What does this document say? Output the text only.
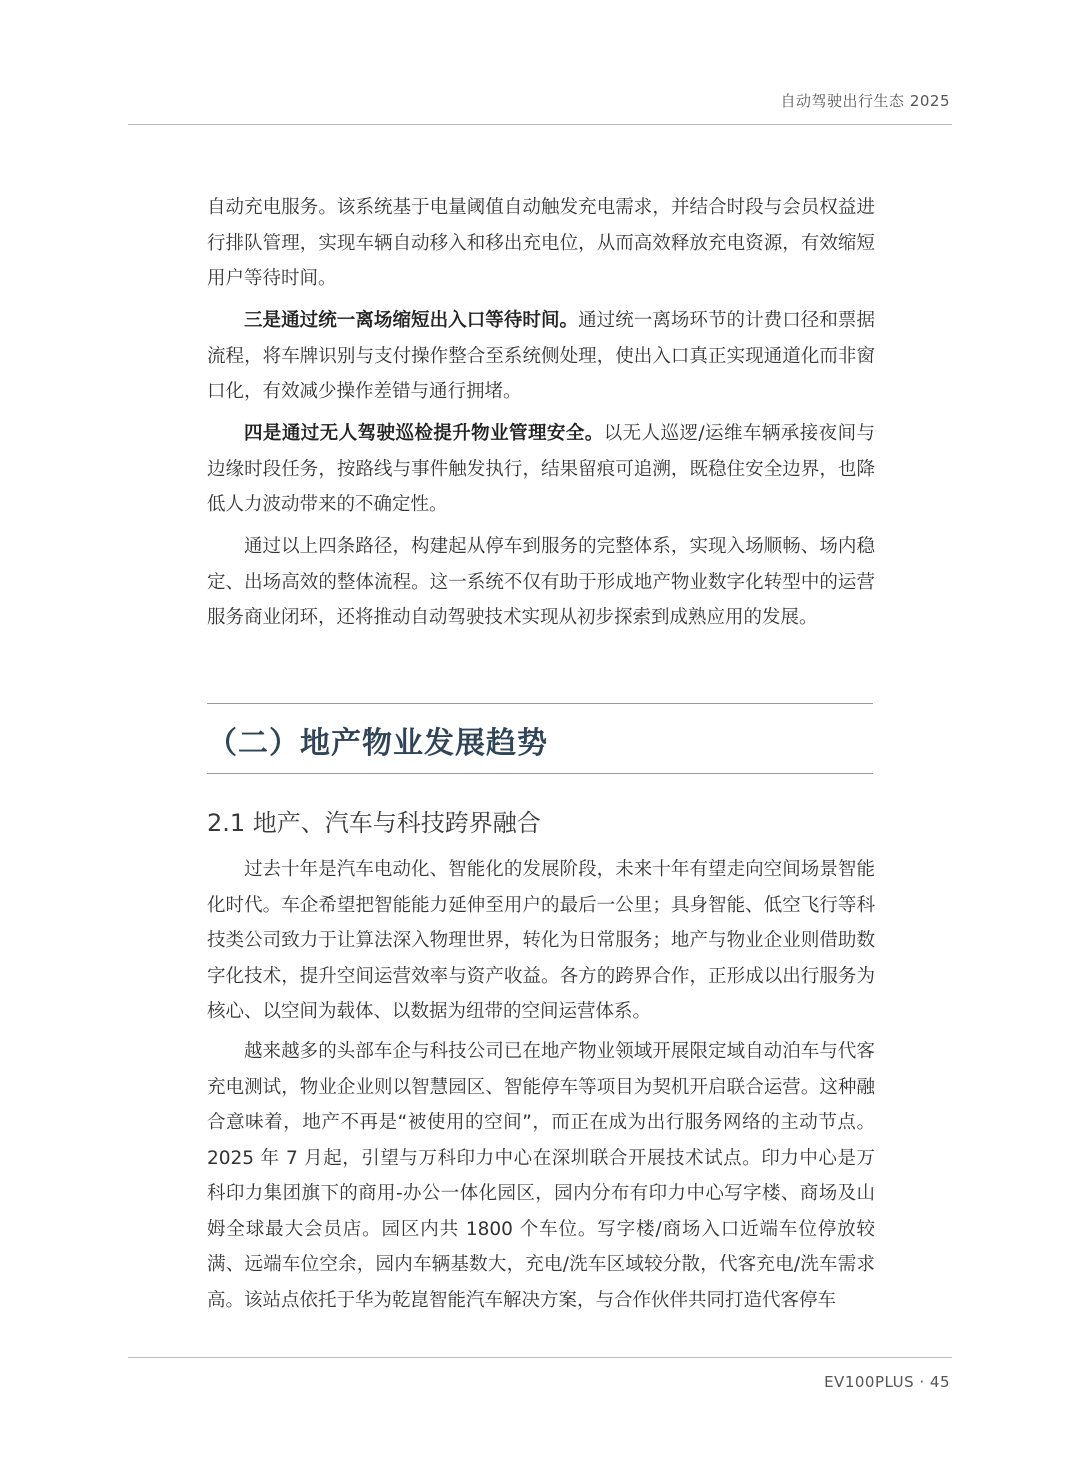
自动驾驶出行生态 2025

自动充电服务。该系统基于电量阈值自动触发充电需求，并结合时段与会员权益进行排队管理，实现车辆自动移入和移出充电位，从而高效释放充电资源，有效缩短用户等待时间。

三是通过统一离场缩短出入口等待时间。通过统一离场环节的计费口径和票据流程，将车牌识别与支付操作整合至系统侧处理，使出入口真正实现通道化而非窗口化，有效减少操作差错与通行拥堵。

四是通过无人驾驶巡检提升物业管理安全。以无人巡逻/运维车辆承接夜间与边缘时段任务，按路线与事件触发执行，结果留痕可追溯，既稳住安全边界，也降低人力波动带来的不确定性。

通过以上四条路径，构建起从停车到服务的完整体系，实现入场顺畅、场内稳定、出场高效的整体流程。这一系统不仅有助于形成地产物业数字化转型中的运营服务商业闭环，还将推动自动驾驶技术实现从初步探索到成熟应用的发展。

（二）地产物业发展趋势
2.1 地产、汽车与科技跨界融合

过去十年是汽车电动化、智能化的发展阶段，未来十年有望走向空间场景智能化时代。车企希望把智能能力延伸至用户的最后一公里；具身智能、低空飞行等科技类公司致力于让算法深入物理世界，转化为日常服务；地产与物业企业则借助数字化技术，提升空间运营效率与资产收益。各方的跨界合作，正形成以出行服务为核心、以空间为载体、以数据为纽带的空间运营体系。

越来越多的头部车企与科技公司已在地产物业领域开展限定域自动泊车与代客充电测试，物业企业则以智慧园区、智能停车等项目为契机开启联合运营。这种融合意味着，地产不再是“被使用的空间”，而正在成为出行服务网络的主动节点。2025 年 7 月起，引望与万科印力中心在深圳联合开展技术试点。印力中心是万科印力集团旗下的商用-办公一体化园区，园内分布有印力中心写字楼、商场及山姆全球最大会员店。园区内共 1800 个车位。写字楼/商场入口近端车位停放较满、远端车位空余，园内车辆基数大，充电/洗车区域较分散，代客充电/洗车需求高。该站点依托于华为乾崑智能汽车解决方案，与合作伙伴共同打造代客停车

EV100PLUS · 45
